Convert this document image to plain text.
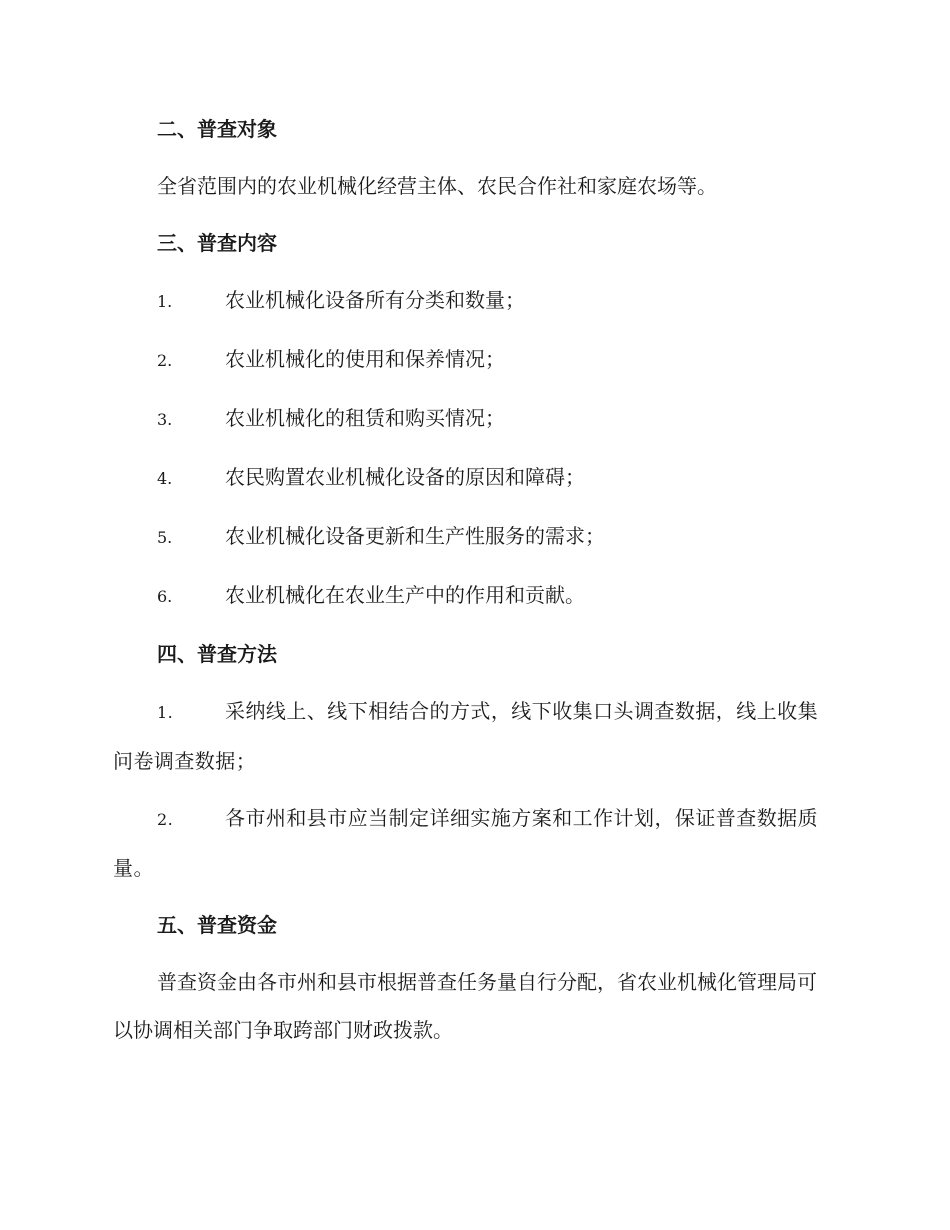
二、普查对象
全省范围内的农业机械化经营主体、农民合作社和家庭农场等。
三、普查内容
1.	农业机械化设备所有分类和数量；
2.	农业机械化的使用和保养情况；
3.	农业机械化的租赁和购买情况；
4.	农民购置农业机械化设备的原因和障碍；
5.	农业机械化设备更新和生产性服务的需求；
6.	农业机械化在农业生产中的作用和贡献。
四、普查方法
1.	采纳线上、线下相结合的方式，线下收集口头调查数据，线上收集问卷调查数据；
2.	各市州和县市应当制定详细实施方案和工作计划，保证普查数据质量。
五、普查资金
普查资金由各市州和县市根据普查任务量自行分配，省农业机械化管理局可以协调相关部门争取跨部门财政拨款。
